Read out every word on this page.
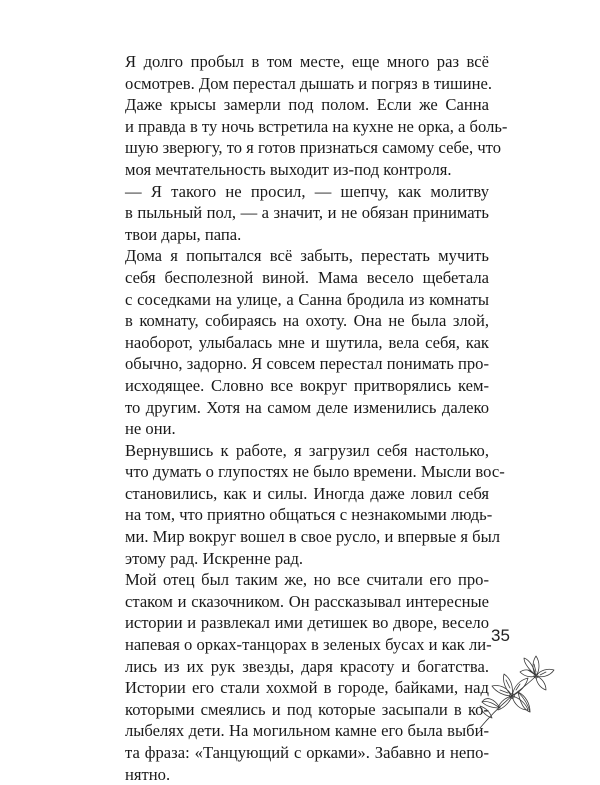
Я долго пробыл в том месте, еще много раз всё
осмотрев. Дом перестал дышать и погряз в тишине.
Даже крысы замерли под полом. Если же Санна
и правда в ту ночь встретила на кухне не орка, а боль-
шую зверюгу, то я готов признаться самому себе, что
моя мечтательность выходит из-под контроля.
— Я такого не просил, — шепчу, как молитву
в пыльный пол, — а значит, и не обязан принимать
твои дары, папа.
Дома я попытался всё забыть, перестать мучить
себя бесполезной виной. Мама весело щебетала
с соседками на улице, а Санна бродила из комнаты
в комнату, собираясь на охоту. Она не была злой,
наоборот, улыбалась мне и шутила, вела себя, как
обычно, задорно. Я совсем перестал понимать про-
исходящее. Словно все вокруг притворялись кем-
то другим. Хотя на самом деле изменились далеко
не они.
Вернувшись к работе, я загрузил себя настолько,
что думать о глупостях не было времени. Мысли вос-
становились, как и силы. Иногда даже ловил себя
на том, что приятно общаться с незнакомыми людь-
ми. Мир вокруг вошел в свое русло, и впервые я был
этому рад. Искренне рад.
Мой отец был таким же, но все считали его про-
стаком и сказочником. Он рассказывал интересные
истории и развлекал ими детишек во дворе, весело
напевая о орках-танцорах в зеленых бусах и как ли-
лись из их рук звезды, даря красоту и богатства.
Истории его стали хохмой в городе, байками, над
которыми смеялись и под которые засыпали в ко-
лыбелях дети. На могильном камне его была выби-
та фраза: «Танцующий с орками». Забавно и непо-
нятно.
35
